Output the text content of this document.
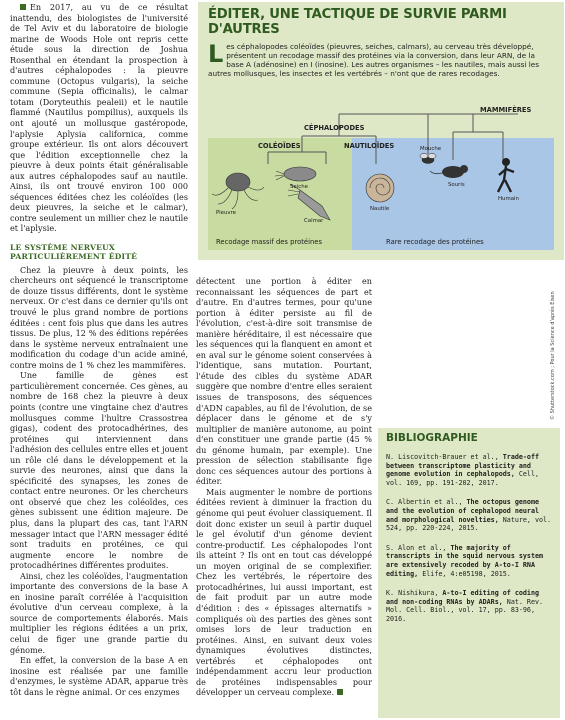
En 2017, au vu de ce résultat inattendu, des biologistes de l'université de Tel Aviv et du laboratoire de biologie marine de Woods Hole ont repris cette étude sous la direction de Joshua Rosenthal en étendant la prospection à d'autres céphalopodes : la pieuvre commune (Octopus vulgaris), la seiche commune (Sepia officinalis), le calmar totam (Doryteuthis pealeii) et le nautile flammé (Nautilus pompilius), auxquels ils ont ajouté un mollusque gastéropode, l'aplysie Aplysia californica, comme groupe extérieur. Ils ont alors découvert que l'édition exceptionnelle chez la pieuvre à deux points était généralisable aux autres céphalopodes sauf au nautile. Ainsi, ils ont trouvé environ 100 000 séquences éditées chez les coléoïdes (les deux pieuvres, la seiche et le calmar), contre seulement un millier chez le nautile et l'aplysie.

LE SYSTÈME NERVEUX PARTICULIÈREMENT ÉDITÉ

Chez la pieuvre à deux points, les chercheurs ont séquencé le transcriptome de douze tissus différents, dont le système nerveux. Or c'est dans ce dernier qu'ils ont trouvé le plus grand nombre de portions éditées : cent fois plus que dans les autres tissus. De plus, 12 % des éditions repérées dans le système nerveux entraînaient une modification du codage d'un acide aminé, contre moins de 1 % chez les mammifères.

Une famille de gènes est particulièrement concernée. Ces gènes, au nombre de 168 chez la pieuvre à deux points (contre une vingtaine chez d'autres mollusques comme l'huître Crassostrea gigas), codent des protocadhérines, des protéines qui interviennent dans l'adhésion des cellules entre elles et jouent un rôle clé dans le développement et la survie des neurones, ainsi que dans la spécificité des synapses, les zones de contact entre neurones. Or les chercheurs ont observé que chez les coléoïdes, ces gènes subissent une édition majeure. De plus, dans la plupart des cas, tant l'ARN messager intact que l'ARN messager édité sont traduits en protéines, ce qui augmente encore le nombre de protocadhérines différentes produites.

Ainsi, chez les coléoïdes, l'augmentation importante des conversions de la base A en inosine paraît corrélée à l'acquisition évolutive d'un cerveau complexe, à la source de comportements élaborés. Mais multiplier les régions éditées a un prix, celui de figer une grande partie du génome.

En effet, la conversion de la base A en inosine est réalisée par une famille d'enzymes, le système ADAR, apparue très tôt dans le règne animal. Or ces enzymes

détectent une portion à éditer en reconnaissant les séquences de part et d'autre. En d'autres termes, pour qu'une portion à éditer persiste au fil de l'évolution, c'est-à-dire soit transmise de manière héréditaire, il est nécessaire que les séquences qui la flanquent en amont et en aval sur le génome soient conservées à l'identique, sans mutation. Pourtant, l'étude des cibles du système ADAR suggère que nombre d'entre elles seraient issues de transposons, des séquences d'ADN capables, au fil de l'évolution, de se déplacer dans le génome et de s'y multiplier de manière autonome, au point d'en constituer une grande partie (45 % du génome humain, par exemple). Une pression de sélection stabilisante fige donc ces séquences autour des portions à éditer.

Mais augmenter le nombre de portions éditées revient à diminuer la fraction du génome qui peut évoluer classiquement. Il doit donc exister un seuil à partir duquel le gel évolutif d'un génome devient contre-productif. Les céphalopodes l'ont ils atteint ? Ils ont en tout cas développé un moyen original de se complexifier. Chez les vertébrés, le répertoire des protocadhérines, lui aussi important, est de fait produit par un autre mode d'édition : des « épissages alternatifs » compliqués où des parties des gènes sont omises lors de leur traduction en protéines. Ainsi, en suivant deux voies dynamiques évolutives distinctes, vertébrés et céphalopodes ont indépendamment accru leur production de protéines indispensables pour développer un cerveau complexe.

ÉDITER, UNE TACTIQUE DE SURVIE PARMI D'AUTRES
Les céphalopodes coléoïdes (pieuvres, seiches, calmars), au cerveau très développé, présentent un recodage massif des protéines via la conversion, dans leur ARN, de la base A (adénosine) en I (inosine). Les autres organismes – les nautiles, mais aussi les autres mollusques, les insectes et les vertébrés – n'ont que de rares recodages.
CÉPHALOPODES
COLÉOÏDES	NAUTILOÏDES
MAMMIFÈRES
Pieuvre
Seiche
Calmar
Nautile
Mouche
Souris
Humain
Recodage massif des protéines	Rare recodage des protéines
© Shutterstock.com ; Pour la Science d'après Eisen
BIBLIOGRAPHIE
N. Liscovitch-Brauer et al., Trade-off between transcriptome plasticity and genome evolution in cephalopods, Cell, vol. 169, pp. 191-202, 2017.
C. Albertin et al., The octopus genome and the evolution of cephalopod neural and morphological novelties, Nature, vol. 524, pp. 220-224, 2015.
S. Alon et al., The majority of transcripts in the squid nervous system are extensively recoded by A-to-I RNA editing, Elife, 4:e05198, 2015.
K. Nishikura, A-to-I editing of coding and non-coding RNAs by ADARs, Nat. Rev. Mol. Cell. Biol., vol. 17, pp. 83-96, 2016.
